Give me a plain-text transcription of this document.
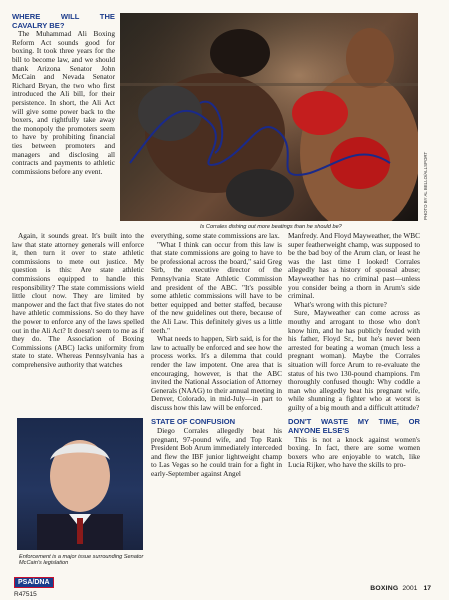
WHERE WILL THE CAVALRY BE?

The Muhammad Ali Boxing Reform Act sounds good for boxing. It took three years for the bill to become law, and we should thank Arizona Senator John McCain and Nevada Senator Richard Bryan, the two who first introduced the Ali bill, for their persistence. In short, the Ali Act will give some power back to the boxers, and rightfully take away the monopoly the promoters seem to have by prohibiting financial ties between promoters and managers and disclosing all contracts and payments to athletic commissions before any event.	PHOTO BY AL BELLO/ALLSPORT
Is Corrales dishing out more beatings than he should be?

Again, it sounds great. It's built into the law that state attorney generals will enforce it, then turn it over to state athletic commissions to mete out justice. My question is this: Are state athletic commissions equipped to handle this responsibility? The state commissions wield little clout now. They are limited by manpower and the fact that five states do not have athletic commissions. So do they have the power to enforce any of the laws spelled out in the Ali Act? It doesn't seem to me as if they do. The Association of Boxing Commissions (ABC) lacks uniformity from state to state. Whereas Pennsylvania has a comprehensive authority that watches

Enforcement is a major issue surrounding Senator McCain's legislation

everything, some state commissions are lax.

"What I think can occur from this law is that state commissions are going to have to be professional across the board," said Greg Sirb, the executive director of the Pennsylvania State Athletic Commission and president of the ABC. "It's possible some athletic commissions will have to be better equipped and better staffed, because of the new guidelines out there, because of the Ali Law. This definitely gives us a little teeth."

What needs to happen, Sirb said, is for the law to actually be enforced and see how the process works. It's a dilemma that could render the law impotent. One area that is encouraging, however, is that the ABC invited the National Association of Attorney Generals (NAAG) to their annual meeting in Denver, Colorado, in mid-July—in part to discuss how this law will be enforced.

STATE OF CONFUSION

Diego Corrales allegedly beat his pregnant, 97-pound wife, and Top Rank President Bob Arum immediately interceded and flew the IBF junior lightweight champ to Las Vegas so he could train for a fight in early-September against Angel

Manfredy. And Floyd Mayweather, the WBC super featherweight champ, was supposed to be the bad boy of the Arum clan, or least he was the last time I looked! Corrales allegedly has a history of spousal abuse; Mayweather has no criminal past—unless you consider being a thorn in Arum's side criminal.

What's wrong with this picture?

Sure, Mayweather can come across as mouthy and arrogant to those who don't know him, and he has publicly feuded with his father, Floyd Sr., but he's never been arrested for beating a woman (much less a pregnant woman). Maybe the Corrales situation will force Arum to re-evaluate the status of his two 130-pound champions. I'm thoroughly confused though: Why coddle a man who allegedly beat his pregnant wife, while shunning a fighter who at worst is guilty of a big mouth and a difficult attitude?

DON'T WASTE MY TIME, OR ANYONE ELSE'S

This is not a knock against women's boxing. In fact, there are some women boxers who are enjoyable to watch, like Lucia Rijker, who have the skills to pro-

PSA/DNA
R47515
BOXING 2001 17
